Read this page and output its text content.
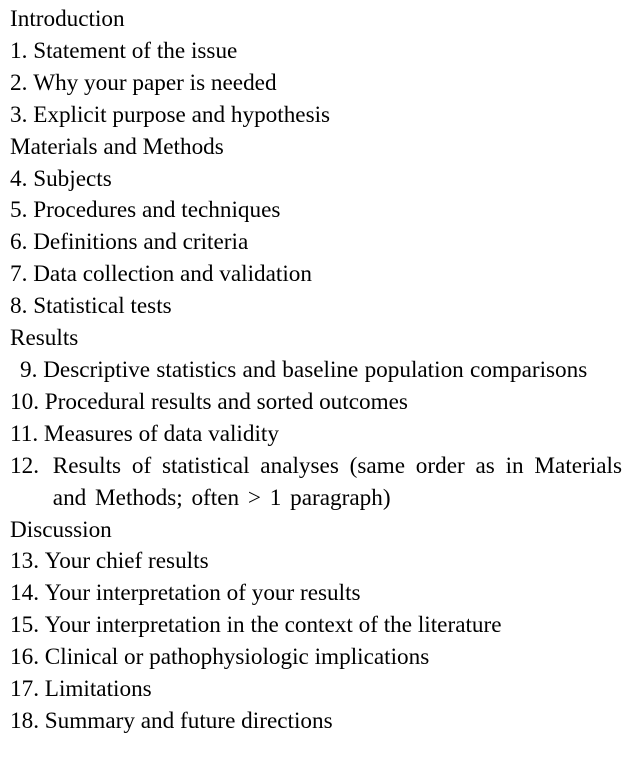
Introduction
1. Statement of the issue
2. Why your paper is needed
3. Explicit purpose and hypothesis
Materials and Methods
4. Subjects
5. Procedures and techniques
6. Definitions and criteria
7. Data collection and validation
8. Statistical tests
Results
9. Descriptive statistics and baseline population comparisons
10. Procedural results and sorted outcomes
11. Measures of data validity
12. Results of statistical analyses (same order as in Materials and Methods; often > 1 paragraph)
Discussion
13. Your chief results
14. Your interpretation of your results
15. Your interpretation in the context of the literature
16. Clinical or pathophysiologic implications
17. Limitations
18. Summary and future directions
